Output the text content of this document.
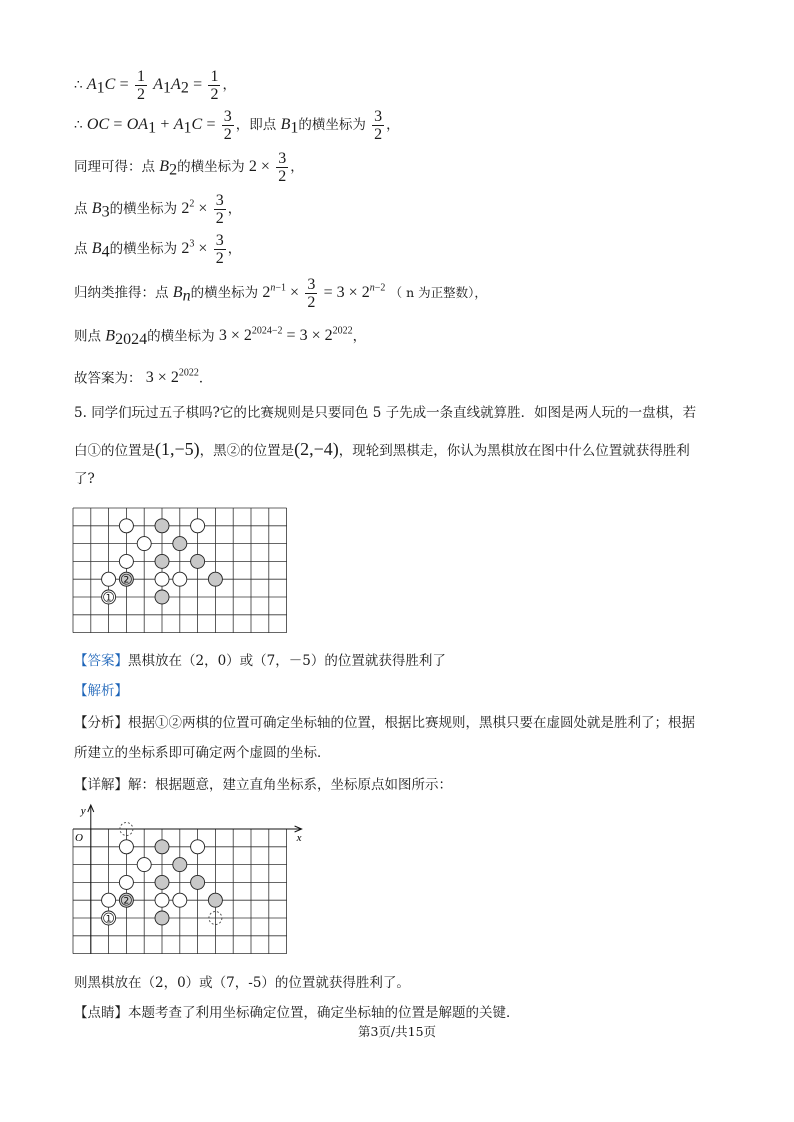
∴ $A_1C = \frac{1}{2} A_1A_2 = \frac{1}{2}$ ，
∴ OC = $OA_1 + A_1C = \frac{3}{2}$ ，即点 $B_1$的横坐标为 $\frac{3}{2}$ ，
同理可得：点 $B_2$的横坐标为 $2 \times \frac{3}{2}$ ，
点 $B_3$的横坐标为 $2^2 \times \frac{3}{2}$ ，
点 $B_4$的横坐标为 $2^3 \times \frac{3}{2}$ ，
归纳类推得：点 $B_n$的横坐标为 $2^{n-1} \times \frac{3}{2} = 3 \times 2^{n-2}$ （ n 为正整数），
则点 $B_{2024}$的横坐标为 $3 \times 2^{2024-2} = 3 \times 2^{2022}$，
故答案为： $3 \times 2^{2022}$．
5. 同学们玩过五子棋吗?它的比赛规则是只要同色 5 子先成一条直线就算胜．如图是两人玩的一盘棋，若
白①的位置是(1,−5)，黑②的位置是(2,−4)，现轮到黑棋走，你认为黑棋放在图中什么位置就获得胜利
了?
2
1
【答案】黑棋放在（2，0）或（7，－5）的位置就获得胜利了
【解析】
【分析】根据①②两棋的位置可确定坐标轴的位置，根据比赛规则，黑棋只要在虚圆处就是胜利了；根据
所建立的坐标系即可确定两个虚圆的坐标．
【详解】解：根据题意，建立直角坐标系，坐标原点如图所示：
y
x
O
2
1
则黑棋放在（2，0）或（7，-5）的位置就获得胜利了。
【点睛】本题考查了利用坐标确定位置，确定坐标轴的位置是解题的关键．
第3页/共15页
